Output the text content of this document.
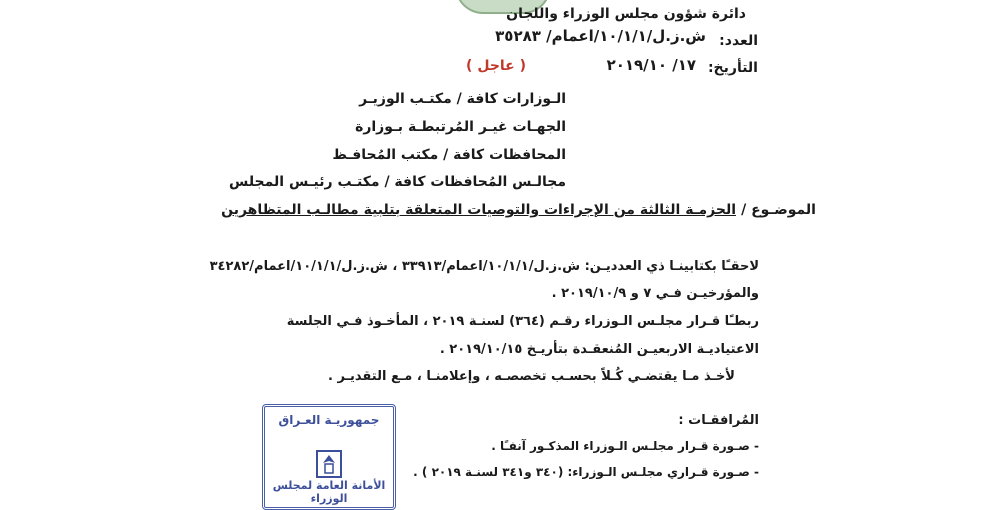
دائرة شؤون مجلس الوزراء واللجان
العدد:
ش.ز.ل/١٠/١/١/اعمام/ ٣٥٢٨٣
( عاجل )	التأريخ:
١٧/ ٢٠١٩/١٠
الـوزارات كافة / مكتـب الوزيـر
الجهـات غيـر المُرتبطـة بـوزارة
المحافظات كافة / مكتب المُحافـظ
مجالـس المُحافظات كافة / مكتـب رئيـس المجلس
الموضـوع /
الحزمـة الثالثة من الإجراءات والتوصيات المتعلقة بتلبية مطالـب المتظاهرين
لاحقـًا بكتابينـا ذي العدديـن: ش.ز.ل/١٠/١/١/اعمام/٣٣٩١٣ ، ش.ز.ل/١٠/١/١/اعمام/٣٤٢٨٢
والمؤرخيـن فـي ٧ و ٢٠١٩/١٠/٩ .
ربطـًا قـرار مجلـس الـوزراء رقـم (٣٦٤) لسنـة ٢٠١٩ ، المأخـوذ فـي الجلسة
الاعتياديـة الاربعيـن المُنعقـدة بتأريـخ ٢٠١٩/١٠/١٥ .
لأخـذ مـا يقتضـي كُـلاً بحسـب تخصصـه ، وإعلامنـا ، مـع التقديـر .
المُرافقـات :
- صـورة قـرار مجلـس الـوزراء المذكـور آنفـًا .
- صـورة قـراري مجلـس الـوزراء: (٣٤٠ و٣٤١ لسنـة ٢٠١٩ ) .
جمهوريـة العـراق
الأمانة العامة لمجلس الوزراء
